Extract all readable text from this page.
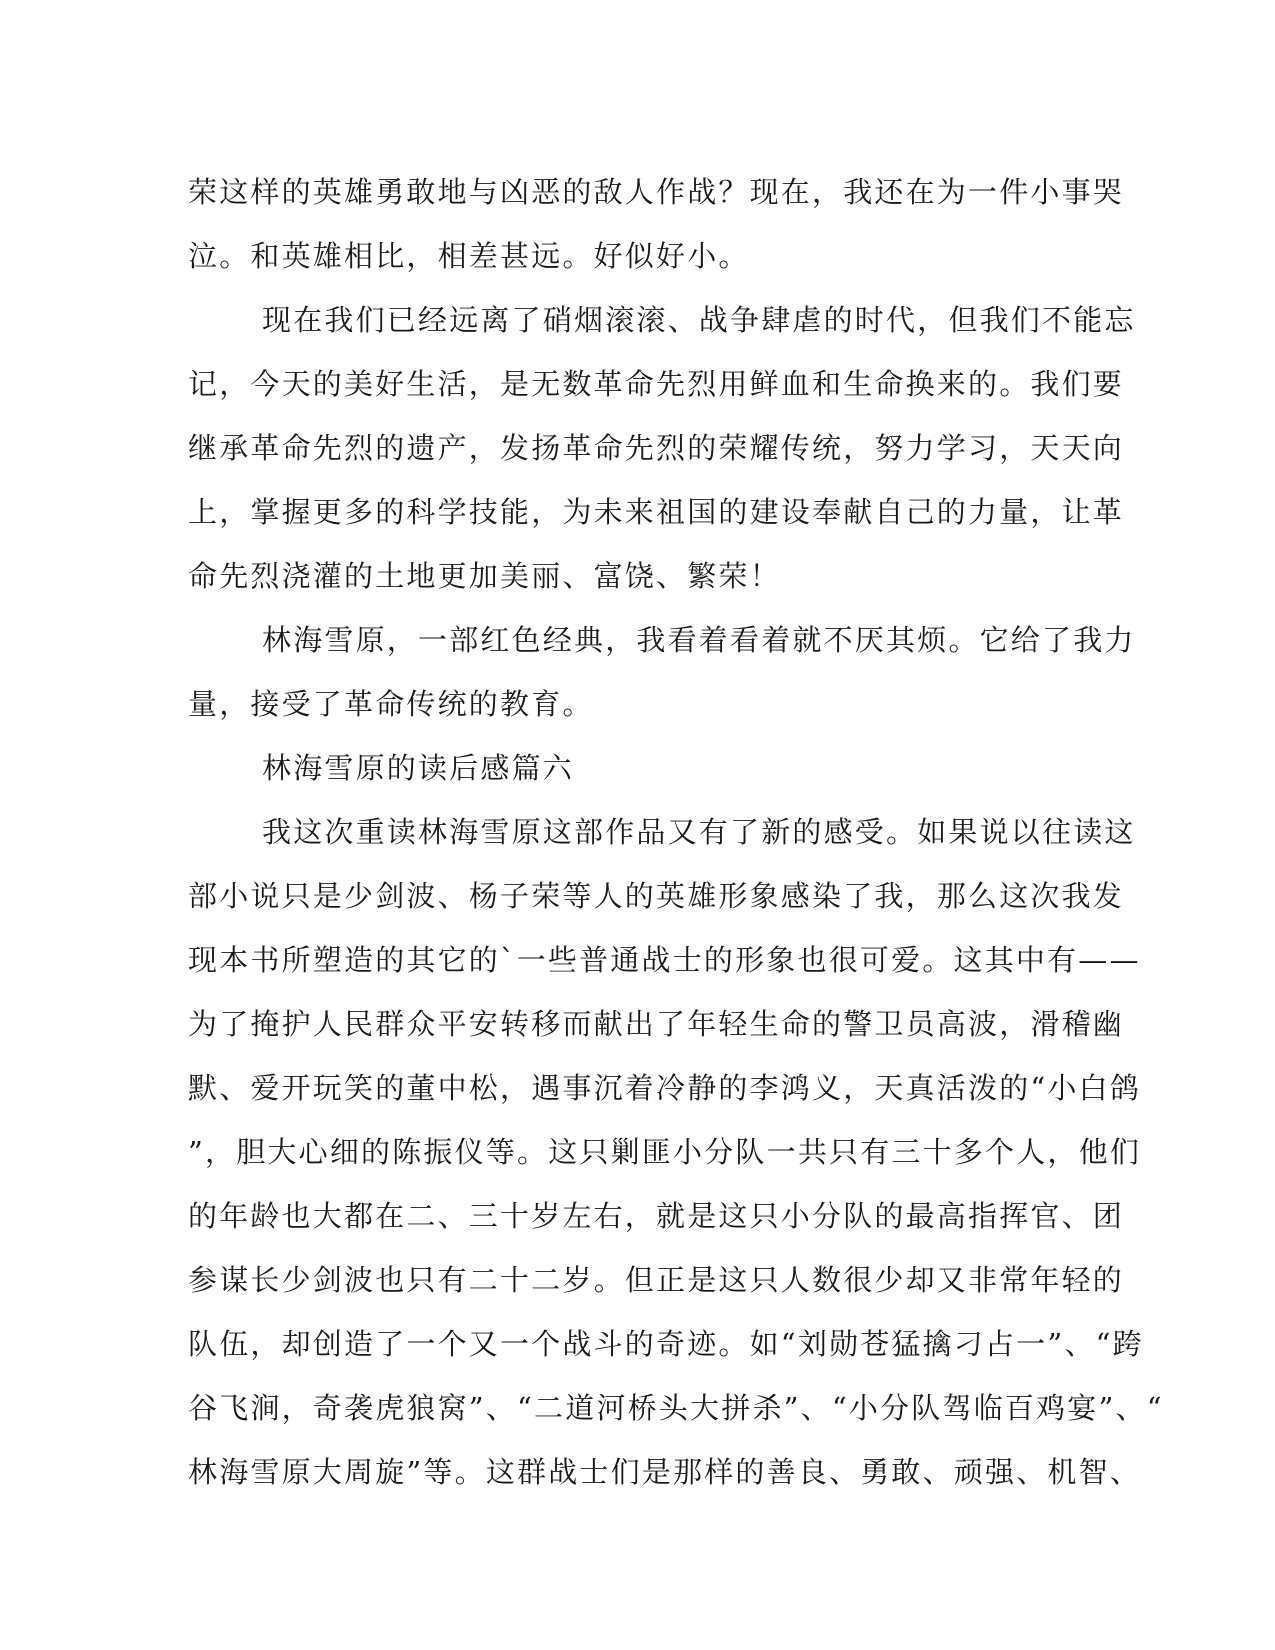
荣这样的英雄勇敢地与凶恶的敌人作战？现在，我还在为一件小事哭
泣。和英雄相比，相差甚远。好似好小。
现在我们已经远离了硝烟滚滚、战争肆虐的时代，但我们不能忘
记，今天的美好生活，是无数革命先烈用鲜血和生命换来的。我们要
继承革命先烈的遗产，发扬革命先烈的荣耀传统，努力学习，天天向
上，掌握更多的科学技能，为未来祖国的建设奉献自己的力量，让革
命先烈浇灌的土地更加美丽、富饶、繁荣！
林海雪原，一部红色经典，我看着看着就不厌其烦。它给了我力
量，接受了革命传统的教育。
林海雪原的读后感篇六
我这次重读林海雪原这部作品又有了新的感受。如果说以往读这
部小说只是少剑波、杨子荣等人的英雄形象感染了我，那么这次我发
现本书所塑造的其它的`一些普通战士的形象也很可爱。这其中有——
为了掩护人民群众平安转移而献出了年轻生命的警卫员高波，滑稽幽
默、爱开玩笑的董中松，遇事沉着冷静的李鸿义，天真活泼的“小白鸽
”，胆大心细的陈振仪等。这只剿匪小分队一共只有三十多个人，他们
的年龄也大都在二、三十岁左右，就是这只小分队的最高指挥官、团
参谋长少剑波也只有二十二岁。但正是这只人数很少却又非常年轻的
队伍，却创造了一个又一个战斗的奇迹。如“刘勋苍猛擒刁占一”、“跨
谷飞涧，奇袭虎狼窝”、“二道河桥头大拼杀”、“小分队驾临百鸡宴”、“
林海雪原大周旋”等。这群战士们是那样的善良、勇敢、顽强、机智、
